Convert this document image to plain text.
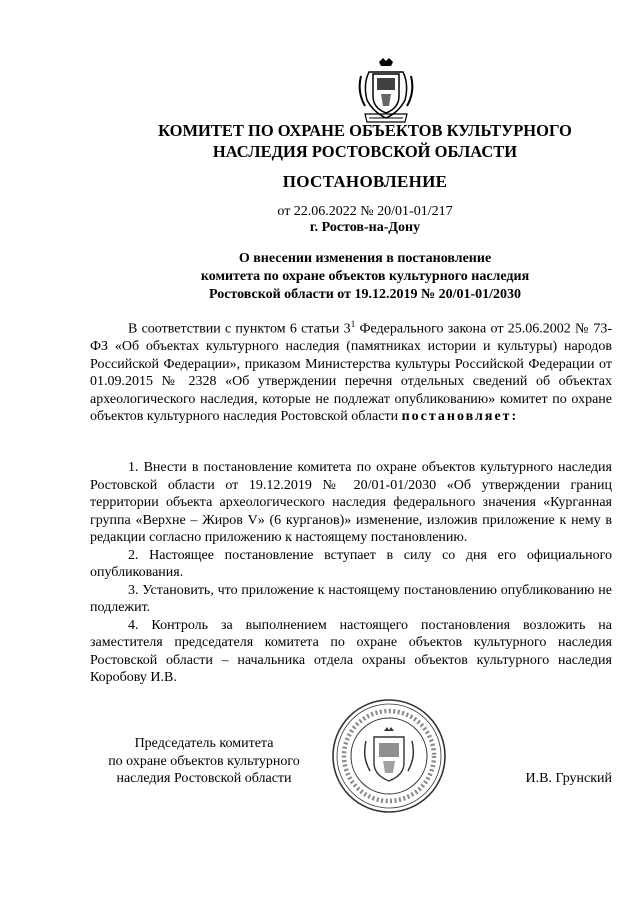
КОМИТЕТ ПО ОХРАНЕ ОБЪЕКТОВ КУЛЬТУРНОГО
НАСЛЕДИЯ РОСТОВСКОЙ ОБЛАСТИ
ПОСТАНОВЛЕНИЕ
от 22.06.2022 № 20/01-01/217
г. Ростов-на-Дону
О внесении изменения в постановление
комитета по охране объектов культурного наследия
Ростовской области от 19.12.2019 № 20/01-01/2030

В соответствии с пунктом 6 статьи $3^1$ Федерального закона от 25.06.2002 № 73-ФЗ «Об объектах культурного наследия (памятниках истории и культуры) народов Российской Федерации», приказом Министерства культуры Российской Федерации от 01.09.2015 № 2328 «Об утверждении перечня отдельных сведений об объектах археологического наследия, которые не подлежат опубликованию» комитет по охране объектов культурного наследия Ростовской области постановляет:

1. Внести в постановление комитета по охране объектов культурного наследия Ростовской области от 19.12.2019 № 20/01-01/2030 «Об утверждении границ территории объекта археологического наследия федерального значения «Курганная группа «Верхне – Жиров V» (6 курганов)» изменение, изложив приложение к нему в редакции согласно приложению к настоящему постановлению.

2. Настоящее постановление вступает в силу со дня его официального опубликования.

3. Установить, что приложение к настоящему постановлению опубликованию не подлежит.

4. Контроль за выполнением настоящего постановления возложить на заместителя председателя комитета по охране объектов культурного наследия Ростовской области – начальника отдела охраны объектов культурного наследия Коробову И.В.

Председатель комитета
по охране объектов культурного
наследия Ростовской области	И.В. Грунский
